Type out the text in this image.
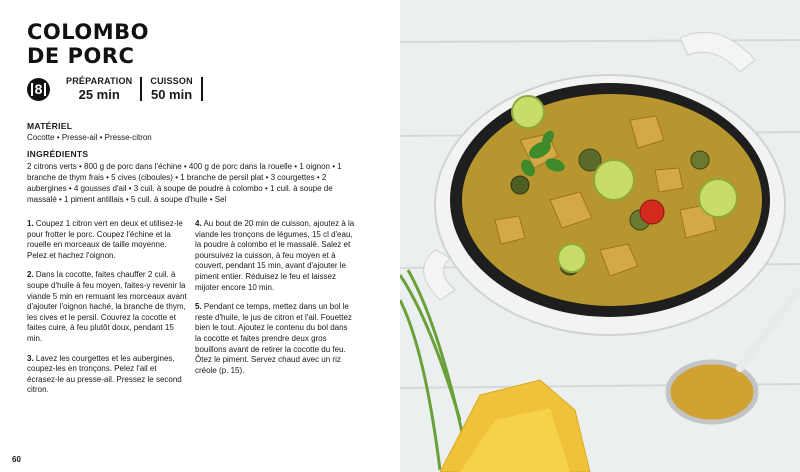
COLOMBO
DE PORC
8	PRÉPARATION
25 min
CUISSON
50 min
MATÉRIEL

Cocotte • Presse-ail • Presse-citron

INGRÉDIENTS

2 citrons verts • 800 g de porc dans l'échine • 400 g de porc dans la rouelle • 1 oignon • 1 branche de thym frais • 5 cives (ciboules) • 1 branche de persil plat • 3 courgettes • 2 aubergines • 4 gousses d'ail • 3 cuil. à soupe de poudre à colombo • 1 cuil. à soupe de massalé • 1 piment antillais • 5 cuil. à soupe d'huile • Sel

1. Coupez 1 citron vert en deux et utilisez-le pour frotter le porc. Coupez l'échine et la rouelle en morceaux de taille moyenne. Pelez et hachez l'oignon.

2. Dans la cocotte, faites chauffer 2 cuil. à soupe d'huile à feu moyen, faites-y revenir la viande 5 min en remuant les morceaux avant d'ajouter l'oignon haché, la branche de thym, les cives et le persil. Couvrez la cocotte et faites cuire, à feu plutôt doux, pendant 15 min.

3. Lavez les courgettes et les aubergines, coupez-les en tronçons. Pelez l'ail et écrasez-le au presse-ail. Pressez le second citron.

4. Au bout de 20 min de cuisson, ajoutez à la viande les tronçons de légumes, 15 cl d'eau, la poudre à colombo et le massalé. Salez et poursuivez la cuisson, à feu moyen et à couvert, pendant 15 min, avant d'ajouter le piment entier. Réduisez le feu et laissez mijoter encore 10 min.

5. Pendant ce temps, mettez dans un bol le reste d'huile, le jus de citron et l'ail. Fouettez bien le tout. Ajoutez le contenu du bol dans la cocotte et faites prendre deux gros bouillons avant de retirer la cocotte du feu. Ôtez le piment. Servez chaud avec un riz créole (p. 15).

60
